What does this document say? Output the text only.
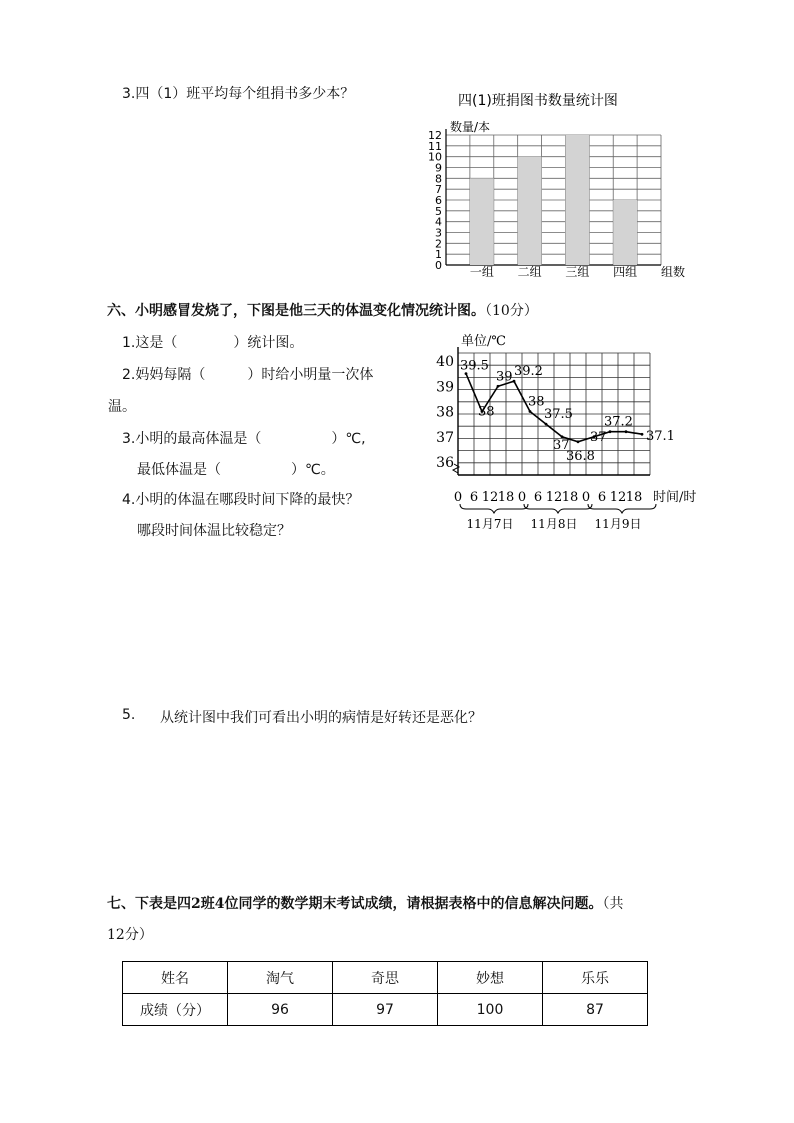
3.四（1）班平均每个组捐书多少本？	四(1)班捐图书数量统计图
数量/本
0
1
2
3
4
5
6
7
8
9
10
11
12
一组 二组 三组 四组 组数
六、小明感冒发烧了，下图是他三天的体温变化情况统计图。（10分）
1.这是（　　　　）统计图。
2.妈妈每隔（　　　）时给小明量一次体
温。
3.小明的最高体温是（　　　　　）℃,
最低体温是（　　　　　）℃。
4.小明的体温在哪段时间下降的最快？
哪段时间体温比较稳定？
单位/℃
36
37
38
39
40 39.5
38
39 39.2
38
37.5
37
36.8
37
37.2
37.1
0 6 12 18 0 6 12 18 0 6 12 18 时间/时
11月7日 11月8日 11月9日
5. 从统计图中我们可看出小明的病情是好转还是恶化？
七、下表是四2班4位同学的数学期末考试成绩，请根据表格中的信息解决问题。（共
12分）
姓名	淘气	奇思	妙想	乐乐
成绩（分）	96	97	100	87
